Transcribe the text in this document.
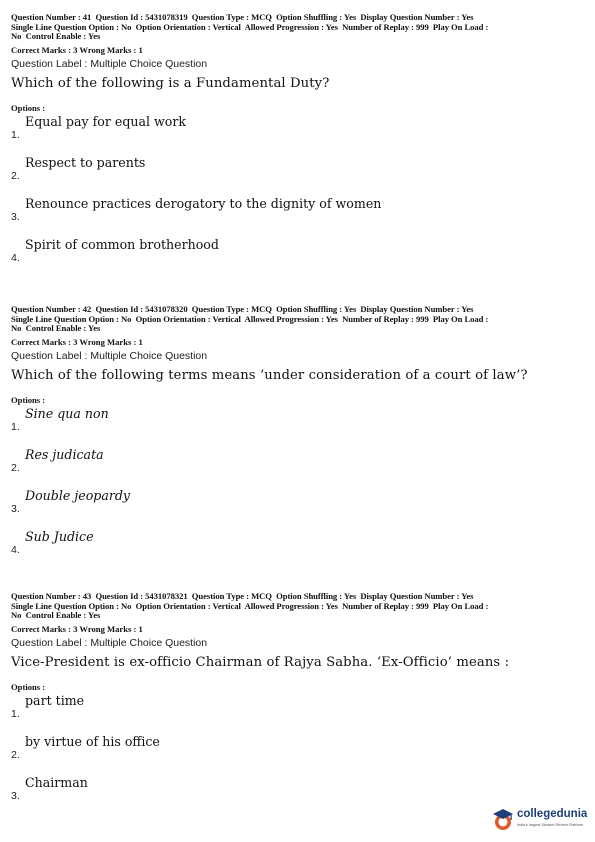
Question Number : 41  Question Id : 5431078319  Question Type : MCQ  Option Shuffling : Yes  Display Question Number : Yes
Single Line Question Option : No  Option Orientation : Vertical  Allowed Progression : Yes  Number of Replay : 999  Play On Load :
No  Control Enable : Yes
Correct Marks : 3 Wrong Marks : 1
Question Label : Multiple Choice Question
Which of the following is a Fundamental Duty?
Options :
1.
Equal pay for equal work
2.
Respect to parents
3.
Renounce practices derogatory to the dignity of women
4.
Spirit of common brotherhood
Question Number : 42  Question Id : 5431078320  Question Type : MCQ  Option Shuffling : Yes  Display Question Number : Yes
Single Line Question Option : No  Option Orientation : Vertical  Allowed Progression : Yes  Number of Replay : 999  Play On Load :
No  Control Enable : Yes
Correct Marks : 3 Wrong Marks : 1
Question Label : Multiple Choice Question
Which of the following terms means ‘under consideration of a court of law’?
Options :
1.
Sine qua non
2.
Res judicata
3.
Double jeopardy
4.
Sub Judice
Question Number : 43  Question Id : 5431078321  Question Type : MCQ  Option Shuffling : Yes  Display Question Number : Yes
Single Line Question Option : No  Option Orientation : Vertical  Allowed Progression : Yes  Number of Replay : 999  Play On Load :
No  Control Enable : Yes
Correct Marks : 3 Wrong Marks : 1
Question Label : Multiple Choice Question
Vice-President is ex-officio Chairman of Rajya Sabha. ‘Ex-Officio’ means :
Options :
1.
part time
2.
by virtue of his office
3.
Chairman
collegedunia
India's largest Student Review Platform
